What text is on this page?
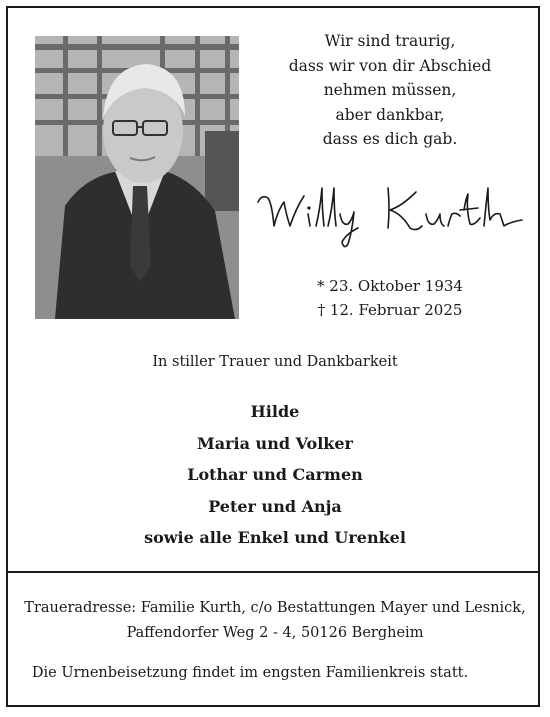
Wir sind traurig,
dass wir von dir Abschied
nehmen müssen,
aber dankbar,
dass es dich gab.
* 23. Oktober 1934
† 12. Februar 2025
In stiller Trauer und Dankbarkeit
Hilde
Maria und Volker
Lothar und Carmen
Peter und Anja
sowie alle Enkel und Urenkel
Traueradresse: Familie Kurth, c/o Bestattungen Mayer und Lesnick,
Paffendorfer Weg 2 - 4, 50126 Bergheim
Die Urnenbeisetzung findet im engsten Familienkreis statt.
